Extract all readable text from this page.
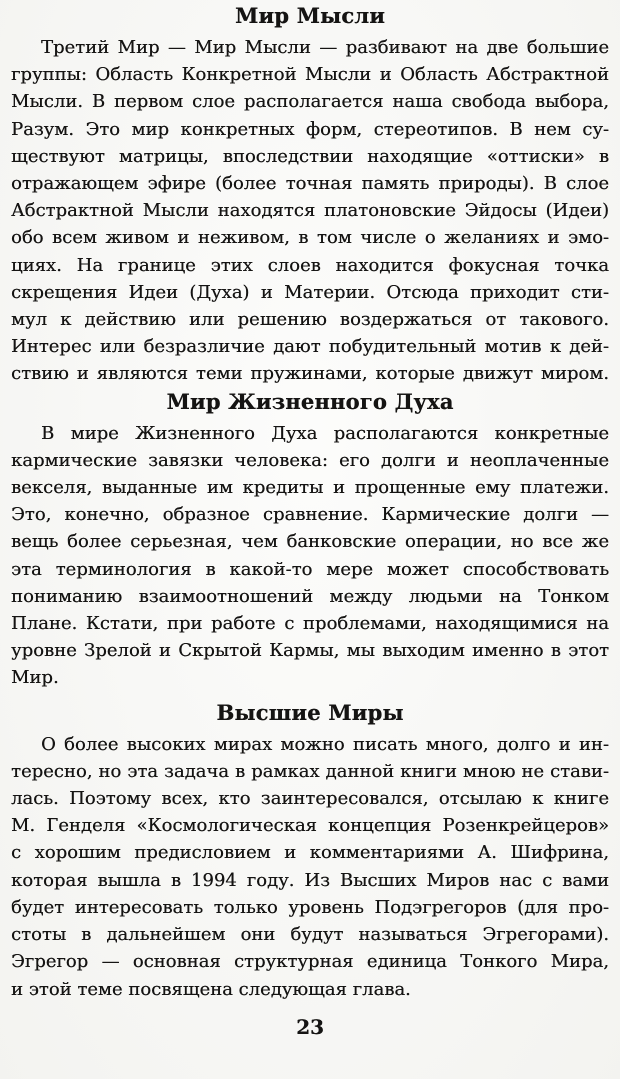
Мир Мысли
Третий Мир — Мир Мысли — разбивают на две большие
группы: Область Конкретной Мысли и Область Абстрактной
Мысли. В первом слое располагается наша свобода выбора,
Разум. Это мир конкретных форм, стереотипов. В нем су-
ществуют матрицы, впоследствии находящие «оттиски» в
отражающем эфире (более точная память природы). В слое
Абстрактной Мысли находятся платоновские Эйдосы (Идеи)
обо всем живом и неживом, в том числе о желаниях и эмо-
циях. На границе этих слоев находится фокусная точка
скрещения Идеи (Духа) и Материи. Отсюда приходит сти-
мул к действию или решению воздержаться от такового.
Интерес или безразличие дают побудительный мотив к дей-
ствию и являются теми пружинами, которые движут миром.
Мир Жизненного Духа
В мире Жизненного Духа располагаются конкретные
кармические завязки человека: его долги и неоплаченные
векселя, выданные им кредиты и прощенные ему платежи.
Это, конечно, образное сравнение. Кармические долги —
вещь более серьезная, чем банковские операции, но все же
эта терминология в какой-то мере может способствовать
пониманию взаимоотношений между людьми на Тонком
Плане. Кстати, при работе с проблемами, находящимися на
уровне Зрелой и Скрытой Кармы, мы выходим именно в этот
Мир.
Высшие Миры
О более высоких мирах можно писать много, долго и ин-
тересно, но эта задача в рамках данной книги мною не стави-
лась. Поэтому всех, кто заинтересовался, отсылаю к книге
М. Генделя «Космологическая концепция Розенкрейцеров»
с хорошим предисловием и комментариями А. Шифрина,
которая вышла в 1994 году. Из Высших Миров нас с вами
будет интересовать только уровень Подэгрегоров (для про-
стоты в дальнейшем они будут называться Эгрегорами).
Эгрегор — основная структурная единица Тонкого Мира,
и этой теме посвящена следующая глава.
23
